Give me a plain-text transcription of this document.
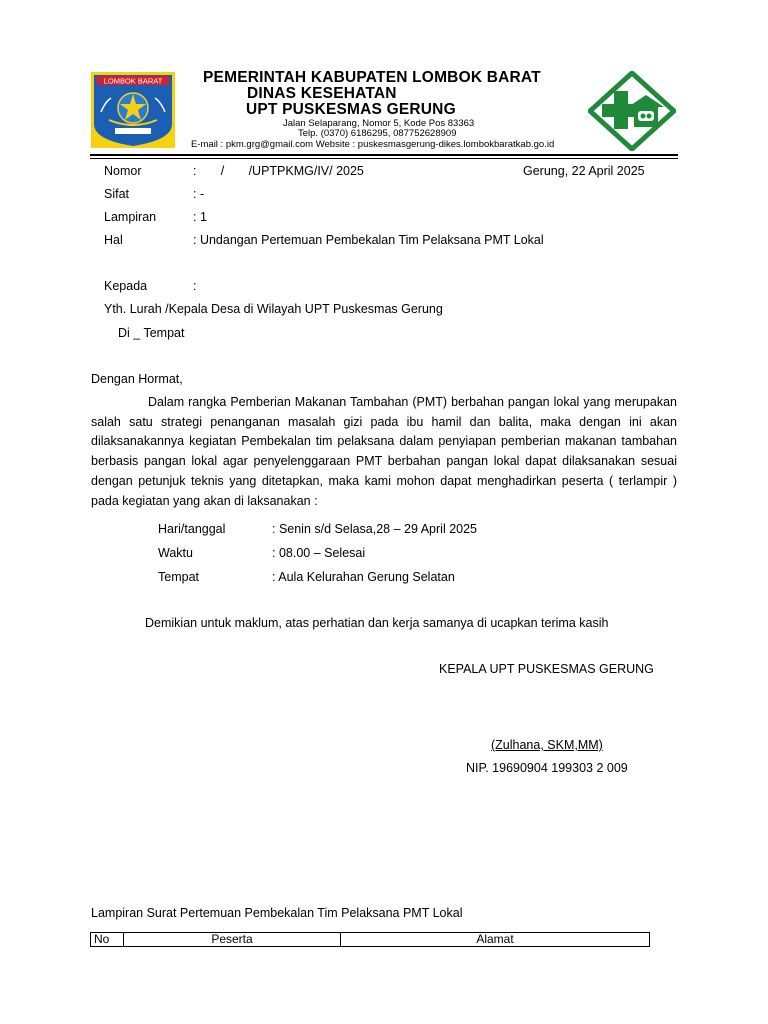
LOMBOK BARAT	PEMERINTAH KABUPATEN LOMBOK BARAT
DINAS KESEHATAN
UPT PUSKESMAS GERUNG
Jalan Selaparang, Nomor 5, Kode Pos 83363
Telp. (0370) 6186295, 087752628909
E-mail : pkm.grg@gmail.com Website : puskesmasgerung-dikes.lombokbaratkab.go.id
Nomor	:       /       /UPTPKMG/IV/ 2025	Gerung, 22 April 2025
Sifat	: -
Lampiran	: 1
Hal	: Undangan Pertemuan Pembekalan Tim Pelaksana PMT Lokal
Kepada	:
Yth. Lurah /Kepala Desa di Wilayah UPT Puskesmas Gerung
Di _ Tempat
Dengan Hormat,

Dalam rangka Pemberian Makanan Tambahan (PMT) berbahan pangan lokal yang merupakan salah satu strategi penanganan masalah gizi pada ibu hamil dan balita, maka dengan ini akan dilaksanakannya kegiatan Pembekalan tim pelaksana dalam penyiapan pemberian makanan tambahan berbasis pangan lokal agar penyelenggaraan PMT berbahan pangan lokal dapat dilaksanakan sesuai dengan petunjuk teknis yang ditetapkan, maka kami mohon dapat menghadirkan peserta ( terlampir ) pada kegiatan yang akan di laksanakan :

Hari/tanggal	: Senin s/d Selasa,28 – 29 April 2025
Waktu	: 08.00 – Selesai
Tempat	: Aula Kelurahan Gerung Selatan
Demikian untuk maklum, atas perhatian dan kerja samanya di ucapkan terima kasih
KEPALA UPT PUSKESMAS GERUNG
(Zulhana, SKM,MM)
NIP. 19690904 199303 2 009
Lampiran Surat Pertemuan Pembekalan Tim Pelaksana PMT Lokal
No	Peserta	Alamat
